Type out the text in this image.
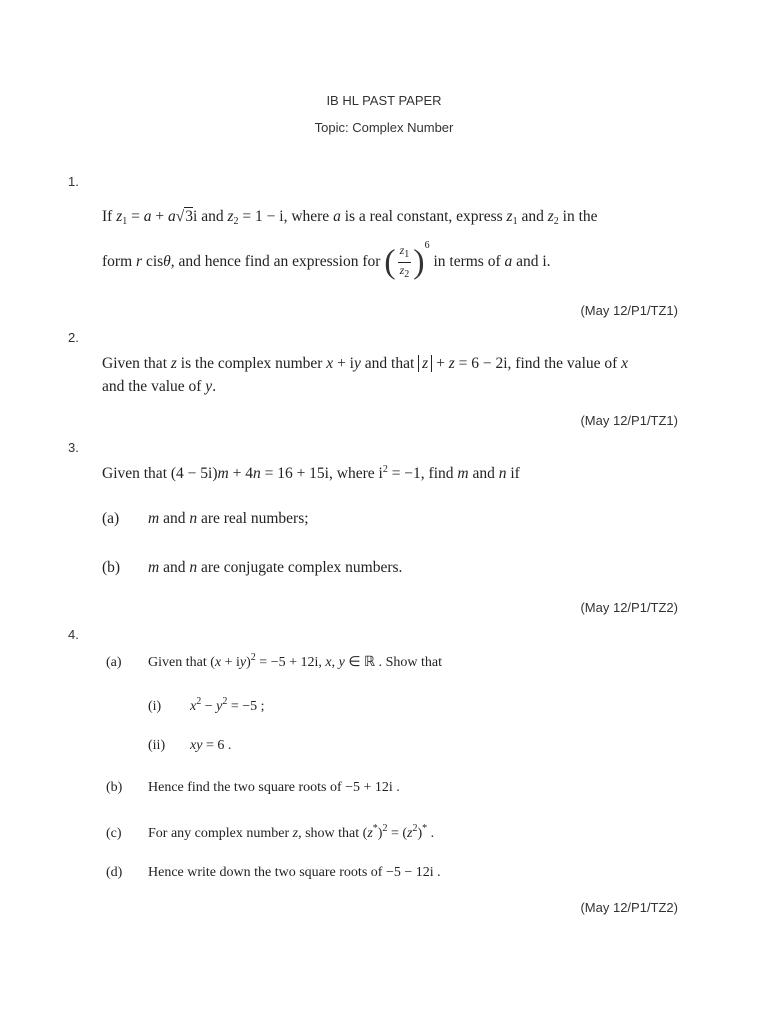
IB HL PAST PAPER
Topic: Complex Number
1.
If $z_1 = a + a√3i$ and $z_2 = 1 - i$, where a is a real constant, express $z_1$ and $z_2$ in the
form r cisθ, and hence find an expression for ( $\frac{z_1}{z_2} )^6$ in terms of a and i.
(May 12/P1/TZ1)
2.
Given that z is the complex number x + iy and that z + z = 6 − 2i, find the value of x
and the value of y.
(May 12/P1/TZ1)
3.
Given that (4 − 5i)m + 4n = 16 + 15i, where $i^2 = -1$, find m and n if
(a) m and n are real numbers;
(b) m and n are conjugate complex numbers.
(May 12/P1/TZ2)
4.
(a) Given that (x + iy)$^2$ = −5 + 12i, x, y ∈ ℝ . Show that
(i) $x^2 - y^2 = -5$ ;
(ii) xy = 6 .
(b) Hence find the two square roots of −5 + 12i .
(c) For any complex number z, show that $(z^*)^2 = (z^2)^*$ .
(d) Hence write down the two square roots of −5 − 12i .
(May 12/P1/TZ2)
